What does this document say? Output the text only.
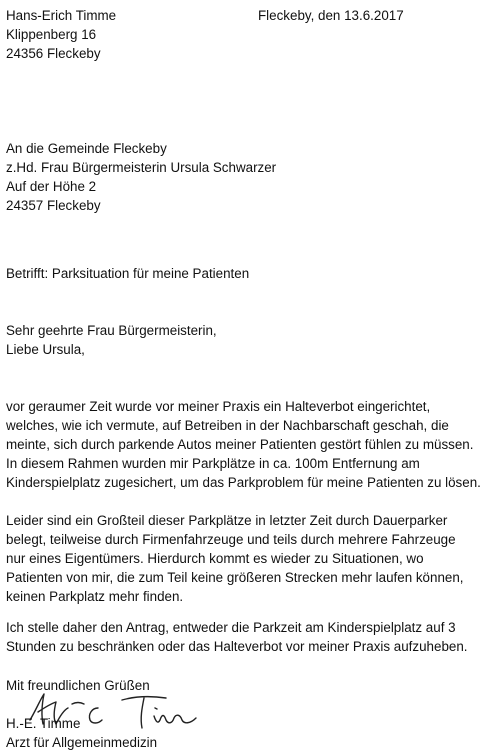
Hans-Erich Timme
Klippenberg 16
24356 Fleckeby
Fleckeby, den 13.6.2017
An die Gemeinde Fleckeby
z.Hd. Frau Bürgermeisterin Ursula Schwarzer
Auf der Höhe 2
24357 Fleckeby
Betrifft: Parksituation für meine Patienten
Sehr geehrte Frau Bürgermeisterin,
Liebe Ursula,
vor geraumer Zeit wurde vor meiner Praxis ein Halteverbot eingerichtet,
welches, wie ich vermute, auf Betreiben in der Nachbarschaft geschah, die
meinte, sich durch parkende Autos meiner Patienten gestört fühlen zu müssen.
In diesem Rahmen wurden mir Parkplätze in ca. 100m Entfernung am
Kinderspielplatz zugesichert, um das Parkproblem für meine Patienten zu lösen.
Leider sind ein Großteil dieser Parkplätze in letzter Zeit durch Dauerparker
belegt, teilweise durch Firmenfahrzeuge und teils durch mehrere Fahrzeuge
nur eines Eigentümers. Hierdurch kommt es wieder zu Situationen, wo
Patienten von mir, die zum Teil keine größeren Strecken mehr laufen können,
keinen Parkplatz mehr finden.
Ich stelle daher den Antrag, entweder die Parkzeit am Kinderspielplatz auf 3
Stunden zu beschränken oder das Halteverbot vor meiner Praxis aufzuheben.
Mit freundlichen Grüßen
H.-E. Timme
Arzt für Allgemeinmedizin
